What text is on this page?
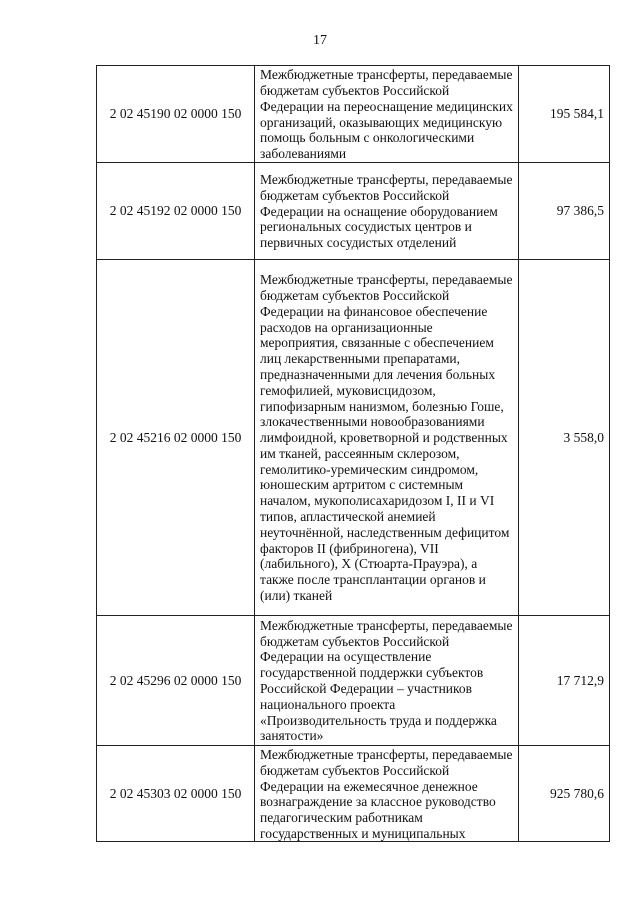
17
2 02 45190 02 0000 150	Межбюджетные трансферты, передаваемые бюджетам субъектов Российской Федерации на переоснащение медицинских организаций, оказывающих медицинскую помощь больным с онкологическими заболеваниями	195 584,1

2 02 45192 02 0000 150	Межбюджетные трансферты, передаваемые бюджетам субъектов Российской Федерации на оснащение оборудованием региональных сосудистых центров и первичных сосудистых отделений	97 386,5

2 02 45216 02 0000 150	Межбюджетные трансферты, передаваемые бюджетам субъектов Российской Федерации на финансовое обеспечение расходов на организационные мероприятия, связанные с обеспечением лиц лекарственными препаратами, предназначенными для лечения больных гемофилией, муковисцидозом, гипофизарным нанизмом, болезнью Гоше, злокачественными новообразованиями лимфоидной, кроветворной и родственных им тканей, рассеянным склерозом, гемолитико-уремическим синдромом, юношеским артритом с системным началом, мукополисахаридозом I, II и VI типов, апластической анемией неуточнённой, наследственным дефицитом факторов II (фибриногена), VII (лабильного), X (Стюарта-Прауэра), а также после трансплантации органов и (или) тканей	3 558,0

2 02 45296 02 0000 150	Межбюджетные трансферты, передаваемые бюджетам субъектов Российской Федерации на осуществление государственной поддержки субъектов Российской Федерации – участников национального проекта «Производительность труда и поддержка занятости»	17 712,9

2 02 45303 02 0000 150	Межбюджетные трансферты, передаваемые бюджетам субъектов Российской Федерации на ежемесячное денежное вознаграждение за классное руководство педагогическим работникам государственных и муниципальных	925 780,6
